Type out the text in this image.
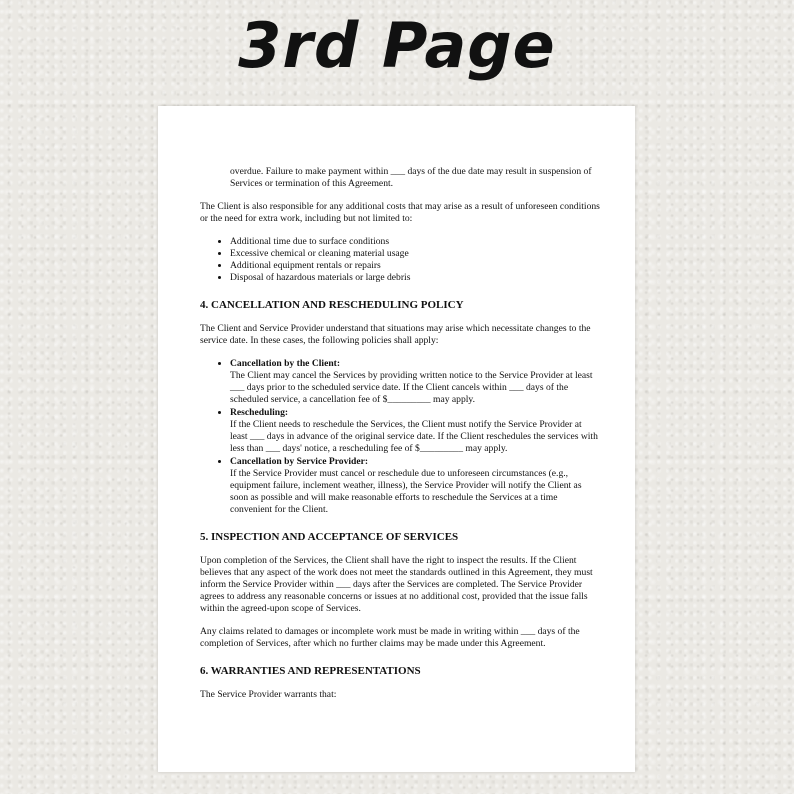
3rd Page

overdue. Failure to make payment within ___ days of the due date may result in suspension of Services or termination of this Agreement.

The Client is also responsible for any additional costs that may arise as a result of unforeseen conditions or the need for extra work, including but not limited to:

• Additional time due to surface conditions
• Excessive chemical or cleaning material usage
• Additional equipment rentals or repairs
• Disposal of hazardous materials or large debris
4. CANCELLATION AND RESCHEDULING POLICY

The Client and Service Provider understand that situations may arise which necessitate changes to the service date. In these cases, the following policies shall apply:

• Cancellation by the Client:
The Client may cancel the Services by providing written notice to the Service Provider at least ___ days prior to the scheduled service date. If the Client cancels within ___ days of the scheduled service, a cancellation fee of $_________ may apply.
• Rescheduling:
If the Client needs to reschedule the Services, the Client must notify the Service Provider at least ___ days in advance of the original service date. If the Client reschedules the services with less than ___ days' notice, a rescheduling fee of $_________ may apply.
• Cancellation by Service Provider:
If the Service Provider must cancel or reschedule due to unforeseen circumstances (e.g., equipment failure, inclement weather, illness), the Service Provider will notify the Client as soon as possible and will make reasonable efforts to reschedule the Services at a time convenient for the Client.
5. INSPECTION AND ACCEPTANCE OF SERVICES

Upon completion of the Services, the Client shall have the right to inspect the results. If the Client believes that any aspect of the work does not meet the standards outlined in this Agreement, they must inform the Service Provider within ___ days after the Services are completed. The Service Provider agrees to address any reasonable concerns or issues at no additional cost, provided that the issue falls within the agreed-upon scope of Services.

Any claims related to damages or incomplete work must be made in writing within ___ days of the completion of Services, after which no further claims may be made under this Agreement.

6. WARRANTIES AND REPRESENTATIONS

The Service Provider warrants that:
